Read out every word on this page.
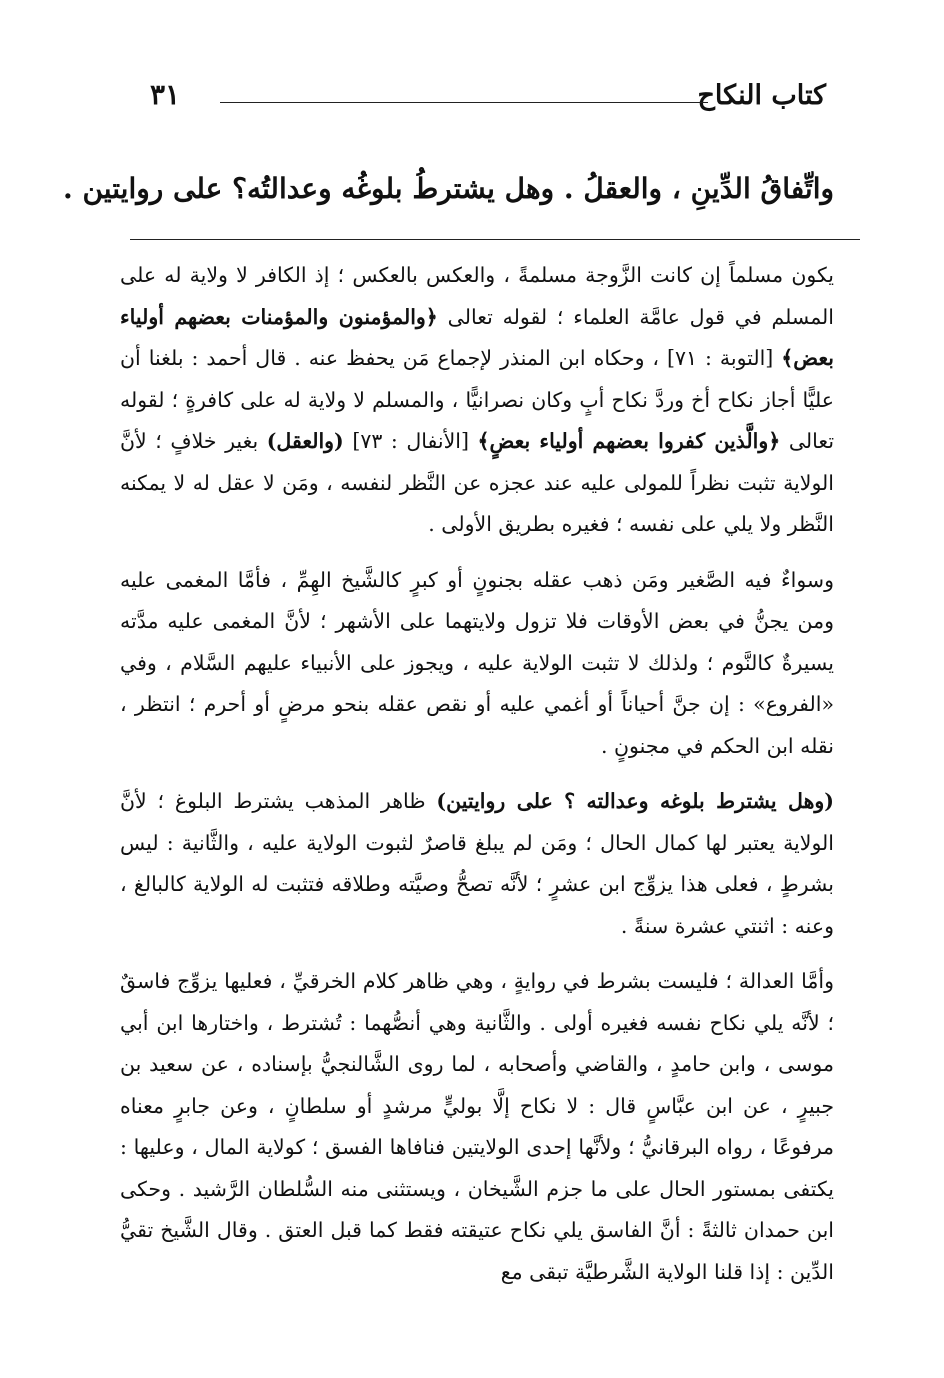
كتاب النكاح
٣١
واتِّفاقُ الدِّينِ ، والعقلُ . وهل يشترطُ بلوغُه وعدالتُه؟ على روايتين .

يكون مسلماً إن كانت الزَّوجة مسلمةً ، والعكس بالعكس ؛ إذ الكافر لا ولاية له على المسلم في قول عامَّة العلماء ؛ لقوله تعالى ﴿والمؤمنون والمؤمنات بعضهم أولياء بعض﴾ [التوبة : ٧١] ، وحكاه ابن المنذر لإجماع مَن يحفظ عنه . قال أحمد : بلغنا أن عليًّا أجاز نكاح أخ وردَّ نكاح أبٍ وكان نصرانيًّا ، والمسلم لا ولاية له على كافرةٍ ؛ لقوله تعالى ﴿والَّذين كفروا بعضهم أولياء بعضٍ﴾ [الأنفال : ٧٣] (والعقل) بغير خلافٍ ؛ لأنَّ الولاية تثبت نظراً للمولى عليه عند عجزه عن النَّظر لنفسه ، ومَن لا عقل له لا يمكنه النَّظر ولا يلي على نفسه ؛ فغيره بطريق الأولى .

وسواءٌ فيه الصَّغير ومَن ذهب عقله بجنونٍ أو كبرٍ كالشَّيخ الهِمِّ ، فأمَّا المغمى عليه ومن يجنُّ في بعض الأوقات فلا تزول ولايتهما على الأشهر ؛ لأنَّ المغمى عليه مدَّته يسيرةٌ كالنَّوم ؛ ولذلك لا تثبت الولاية عليه ، ويجوز على الأنبياء عليهم السَّلام ، وفي «الفروع» : إن جنَّ أحياناً أو أغمي عليه أو نقص عقله بنحو مرضٍ أو أحرم ؛ انتظر ، نقله ابن الحكم في مجنونٍ .

(وهل يشترط بلوغه وعدالته ؟ على روايتين) ظاهر المذهب يشترط البلوغ ؛ لأنَّ الولاية يعتبر لها كمال الحال ؛ ومَن لم يبلغ قاصرٌ لثبوت الولاية عليه ، والثَّانية : ليس بشرطٍ ، فعلى هذا يزوِّج ابن عشرٍ ؛ لأنَّه تصحُّ وصيَّته وطلاقه فتثبت له الولاية كالبالغ ، وعنه : اثنتي عشرة سنةً .

وأمَّا العدالة ؛ فليست بشرط في روايةٍ ، وهي ظاهر كلام الخرقيِّ ، فعليها يزوِّج فاسقٌ ؛ لأنَّه يلي نكاح نفسه فغيره أولى . والثَّانية وهي أنصُّهما : تُشترط ، واختارها ابن أبي موسى ، وابن حامدٍ ، والقاضي وأصحابه ، لما روى الشَّالنجيُّ بإسناده ، عن سعيد بن جبيرٍ ، عن ابن عبَّاسٍ قال : لا نكاح إلَّا بوليٍّ مرشدٍ أو سلطانٍ ، وعن جابرٍ معناه مرفوعًا ، رواه البرقانيُّ ؛ ولأنَّها إحدى الولايتين فنافاها الفسق ؛ كولاية المال ، وعليها : يكتفى بمستور الحال على ما جزم الشَّيخان ، ويستثنى منه السُّلطان الرَّشيد . وحكى ابن حمدان ثالثةً : أنَّ الفاسق يلي نكاح عتيقته فقط كما قبل العتق . وقال الشَّيخ تقيُّ الدِّين : إذا قلنا الولاية الشَّرطيَّة تبقى مع
